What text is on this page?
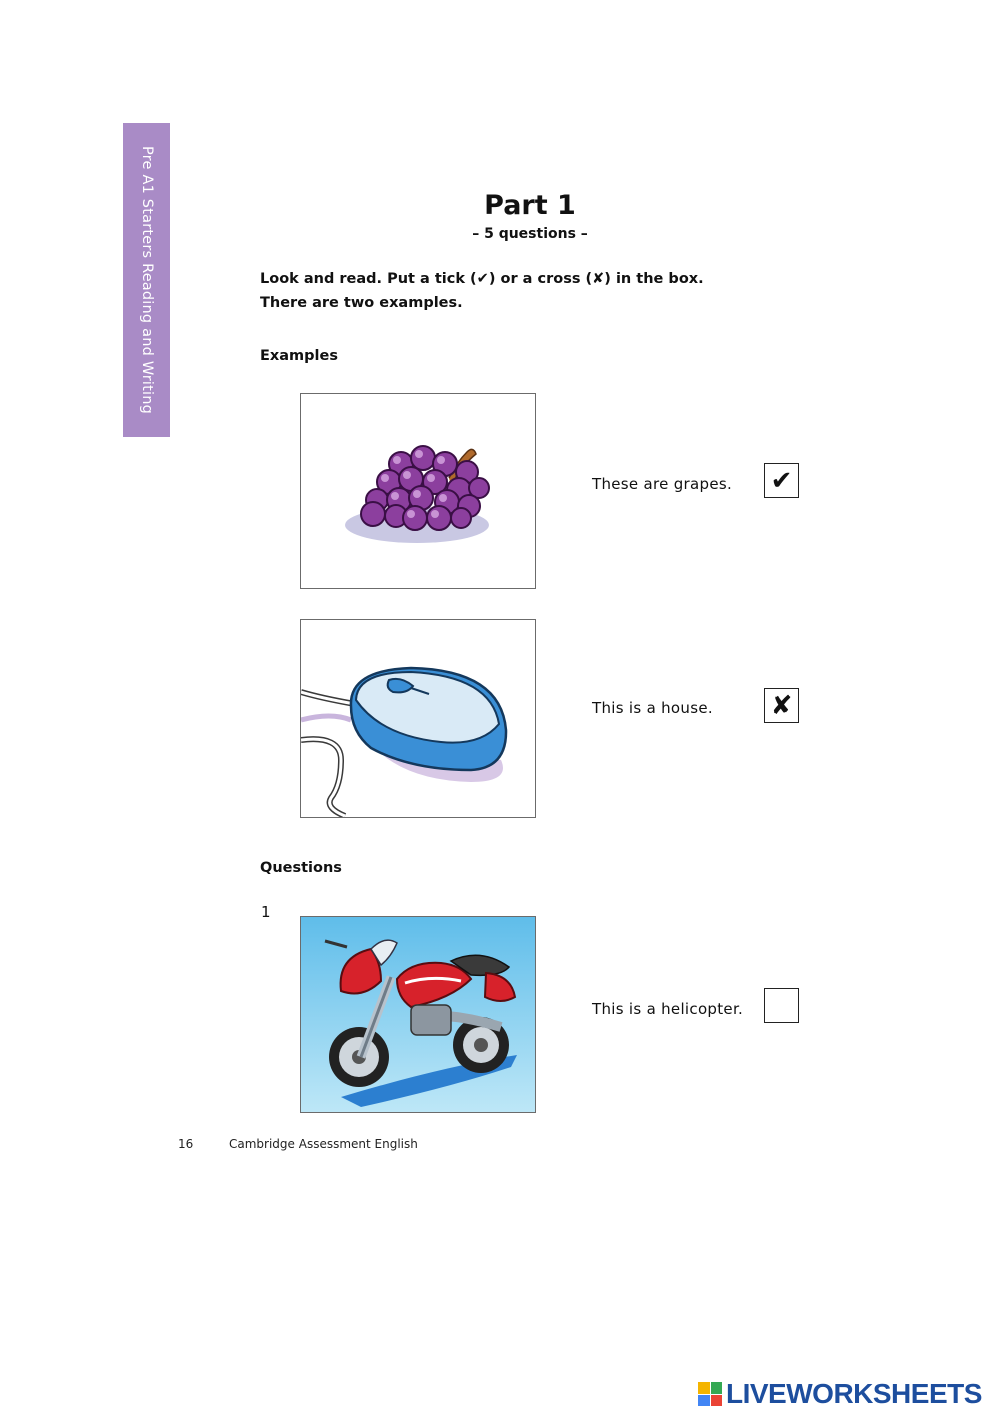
Pre A1 Starters Reading and Writing	Part 1
– 5 questions –
Look and read. Put a tick (✔) or a cross (✘) in the box.
There are two examples.
Examples
These are grapes. ✔
This is a house. ✘
Questions
1
This is a helicopter.
16	Cambridge Assessment English
LIVEWORKSHEETS
